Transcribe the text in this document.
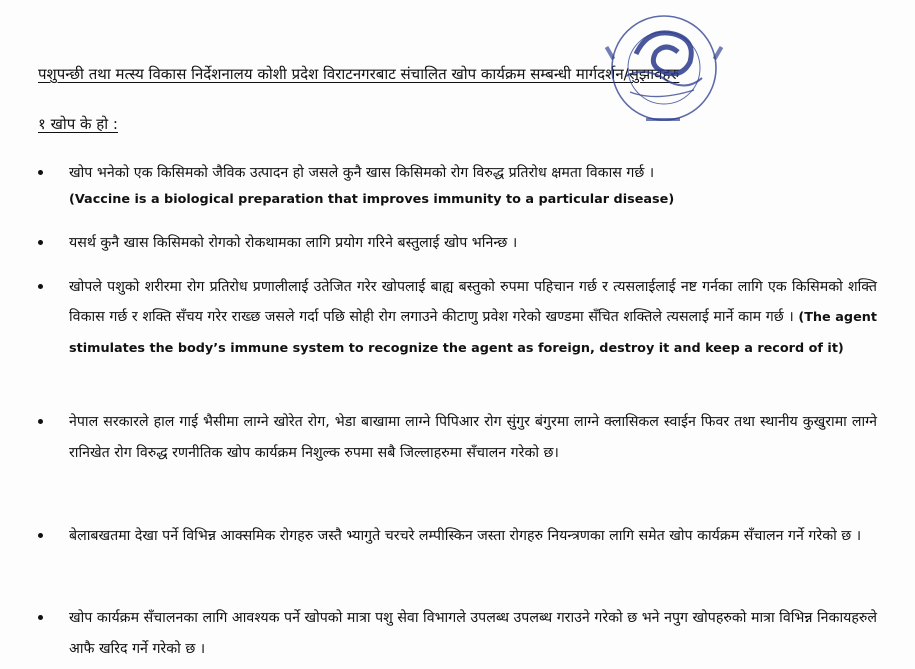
पशुपन्छी तथा मत्स्य विकास निर्देशनालय कोशी प्रदेश विराटनगरबाट संचालित खोप कार्यक्रम सम्बन्धी मार्गदर्शन/सुझावहरु
१ खोप के हो :
खोप भनेको एक किसिमको जैविक उत्पादन हो जसले कुनै खास किसिमको रोग विरुद्ध प्रतिरोध क्षमता विकास गर्छ ।
(Vaccine is a biological preparation that improves immunity to a particular disease)
यसर्थ कुनै खास किसिमको रोगको रोकथामका लागि प्रयोग गरिने बस्तुलाई खोप भनिन्छ ।
खोपले पशुको शरीरमा रोग प्रतिरोध प्रणालीलाई उतेजित गरेर खोपलाई बाह्य बस्तुको रुपमा पहिचान गर्छ र त्यसलाईलाई नष्ट गर्नका लागि एक किसिमको शक्ति विकास गर्छ र शक्ति सँचय गरेर राख्छ जसले गर्दा पछि सोही रोग लगाउने कीटाणु प्रवेश गरेको खण्डमा सँचित शक्तिले त्यसलाई मार्ने काम गर्छ । (The agent stimulates the body’s immune system to recognize the agent as foreign, destroy it and keep a record of it)
नेपाल सरकारले हाल गाई भैसीमा लाग्ने खोरेत रोग, भेडा बाखामा लाग्ने पिपिआर रोग सुंगुर बंगुरमा लाग्ने क्लासिकल स्वाईन फिवर तथा स्थानीय कुखुरामा लाग्ने रानिखेत रोग विरुद्ध रणनीतिक खोप कार्यक्रम निशुल्क रुपमा सबै जिल्लाहरुमा सँचालन गरेको छ।
बेलाबखतमा देखा पर्ने विभिन्न आक्समिक रोगहरु जस्तै भ्यागुते चरचरे लम्पीस्किन जस्ता रोगहरु नियन्त्रणका लागि समेत खोप कार्यक्रम सँचालन गर्ने गरेको छ ।
खोप कार्यक्रम सँचालनका लागि आवश्यक पर्ने खोपको मात्रा पशु सेवा विभागले उपलब्ध उपलब्ध गराउने गरेको छ भने नपुग खोपहरुको मात्रा विभिन्न निकायहरुले आफै खरिद गर्ने गरेको छ ।
